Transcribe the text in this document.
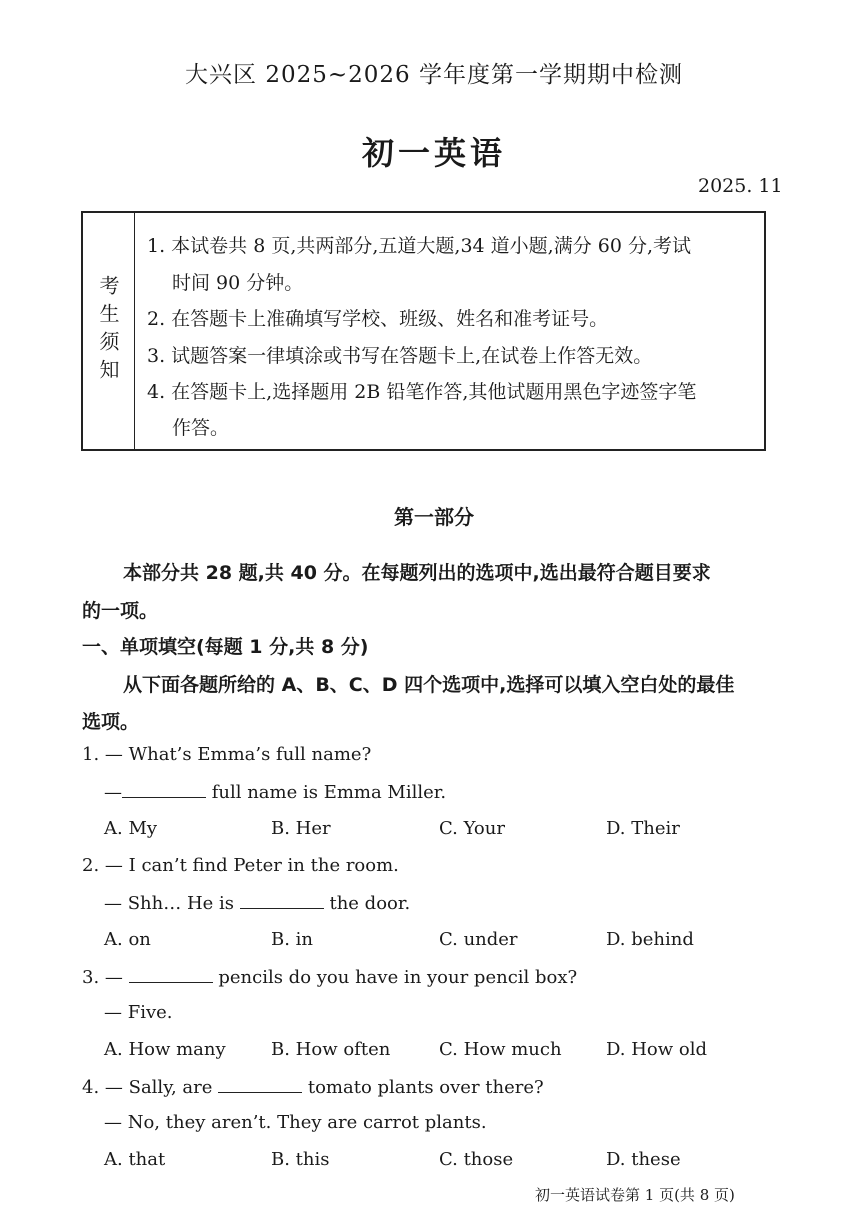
大兴区 2025~2026 学年度第一学期期中检测
初一英语
2025. 11
考生须知
1. 本试卷共 8 页,共两部分,五道大题,34 道小题,满分 60 分,考试
时间 90 分钟。
2. 在答题卡上准确填写学校、班级、姓名和准考证号。
3. 试题答案一律填涂或书写在答题卡上,在试卷上作答无效。
4. 在答题卡上,选择题用 2B 铅笔作答,其他试题用黑色字迹签字笔
作答。
第一部分
本部分共 28 题,共 40 分。在每题列出的选项中,选出最符合题目要求
的一项。
一、单项填空(每题 1 分,共 8 分)
从下面各题所给的 A、B、C、D 四个选项中,选择可以填入空白处的最佳
选项。
1. — What’s Emma’s full name?
—	full name is Emma Miller.
A. My	B. Her	C. Your	D. Their
2. — I can’t find Peter in the room.
— Shh… He is	the door.
A. on	B. in	C. under	D. behind
3. —	pencils do you have in your pencil box?
— Five.
A. How many	B. How often	C. How much D. How old
4. — Sally, are	tomato plants over there?
— No, they aren’t. They are carrot plants.
A. that	B. this	C. those	D. these
初一英语试卷第 1 页(共 8 页)
